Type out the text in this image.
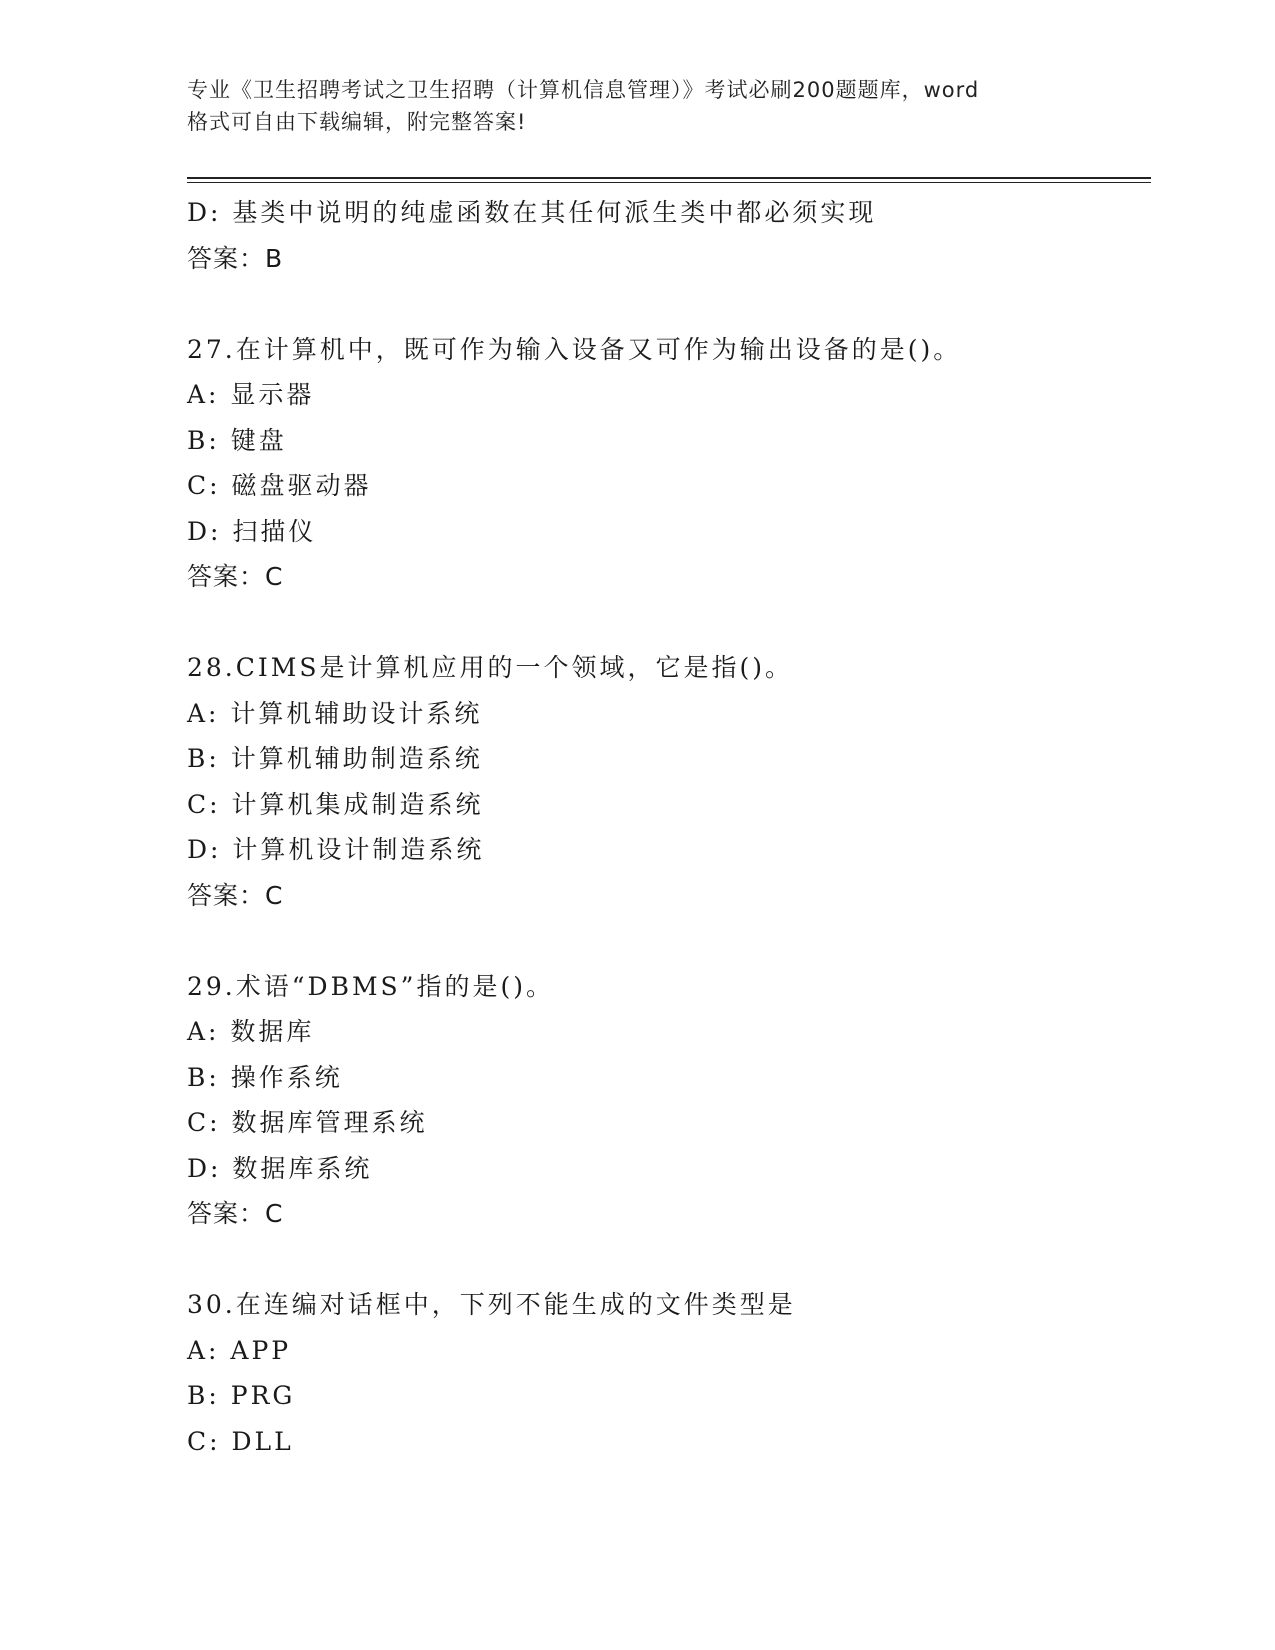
专业《卫生招聘考试之卫生招聘（计算机信息管理）》考试必刷200题题库，word
格式可自由下载编辑，附完整答案!
D: 基类中说明的纯虚函数在其任何派生类中都必须实现
答案：B
27.在计算机中，既可作为输入设备又可作为输出设备的是()。
A: 显示器
B: 键盘
C: 磁盘驱动器
D: 扫描仪
答案：C
28.CIMS是计算机应用的一个领域，它是指()。
A: 计算机辅助设计系统
B: 计算机辅助制造系统
C: 计算机集成制造系统
D: 计算机设计制造系统
答案：C
29.术语“DBMS”指的是()。
A: 数据库
B: 操作系统
C: 数据库管理系统
D: 数据库系统
答案：C
30.在连编对话框中，下列不能生成的文件类型是
A: APP
B: PRG
C: DLL
